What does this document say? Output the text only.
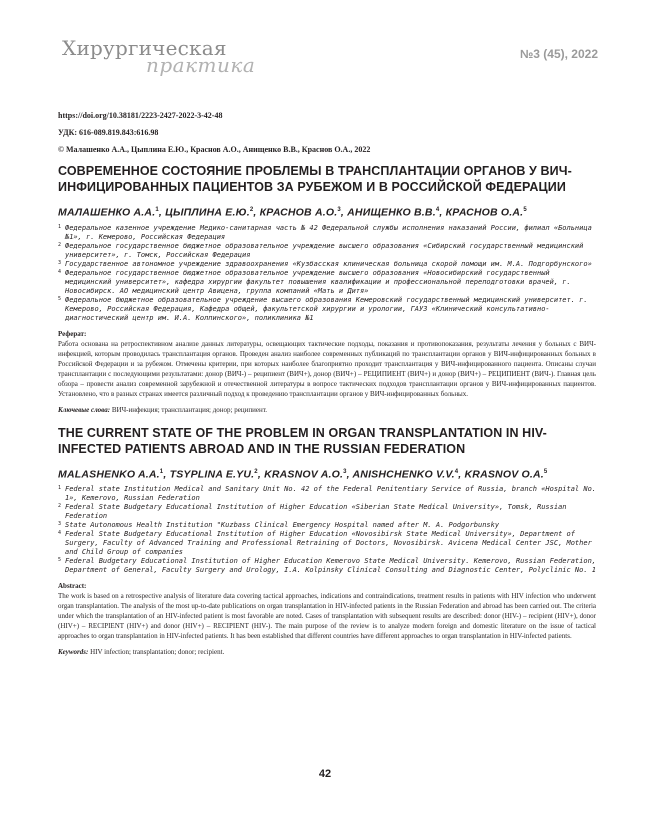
Хирургическая
практика	№3 (45), 2022
https://doi.org/10.38181/2223-2427-2022-3-42-48
УДК: 616-089.819.843:616.98
© Малашенко А.А., Цыплина Е.Ю., Краснов А.О., Анищенко В.В., Краснов О.А., 2022
СОВРЕМЕННОЕ СОСТОЯНИЕ ПРОБЛЕМЫ В ТРАНСПЛАНТАЦИИ ОРГАНОВ У ВИЧ-ИНФИЦИРОВАННЫХ ПАЦИЕНТОВ ЗА РУБЕЖОМ И В РОССИЙСКОЙ ФЕДЕРАЦИИ
МАЛАШЕНКО А.А.$^1$, ЦЫПЛИНА Е.Ю.$^2$, КРАСНОВ А.О.$^3$, АНИЩЕНКО В.В.$^4$, КРАСНОВ О.А.$^5$
1 Федеральное казенное учреждение Медико-санитарная часть № 42 Федеральной службы исполнения наказаний России, филиал «Больница №1», г. Кемерово, Российская Федерация
2 Федеральное государственное бюджетное образовательное учреждение высшего образования «Сибирский государственный медицинский университет», г. Томск, Российская Федерация
3 Государственное автономное учреждение здравоохранения «Кузбасская клиническая больница скорой помощи им. М.А. Подгорбунского»
4 Федеральное государственное бюджетное образовательное учреждение высшего образования «Новосибирский государственный медицинский университет», кафедра хирургии факультет повышения квалификации и профессиональной переподготовки врачей, г. Новосибирск. АО медицинский центр Авицена, группа компаний «Мать и Дитя»
5 Федеральное бюджетное образовательное учреждение высшего образования Кемеровский государственный медицинский университет. г. Кемерово, Российская Федерация, Кафедра общей, факультетской хирургии и урологии, ГАУЗ «Клинический консультативно-диагностический центр им. И.А. Колпинского», поликлиника №1
Реферат:

Работа основана на ретроспективном анализе данных литературы, освещающих тактические подходы, показания и противопоказания, результаты лечения у больных с ВИЧ-инфекцией, которым проводилась трансплантация органов. Проведен анализ наиболее современных публикаций по трансплантации органов у ВИЧ-инфицированных больных в Российской Федерации и за рубежом. Отмечены критерии, при которых наиболее благоприятно проходит трансплантация у ВИЧ-инфицированного пациента. Описаны случаи трансплантации с последующими результатами: донор (ВИЧ-) – реципиент (ВИЧ+), донор (ВИЧ+) – РЕЦИПИЕНТ (ВИЧ+) и донор (ВИЧ+) – РЕЦИПИЕНТ (ВИЧ-). Главная цель обзора – провести анализ современной зарубежной и отечественной литературы в вопросе тактических подходов трансплантации органов у ВИЧ-инфицированных пациентов. Установлено, что в разных странах имеется различный подход к проведению трансплантации органов у ВИЧ-инфицированных больных.

Ключевые слова: ВИЧ-инфекция; трансплантация; донор; реципиент.
THE CURRENT STATE OF THE PROBLEM IN ORGAN TRANSPLANTATION IN HIV-INFECTED PATIENTS ABROAD AND IN THE RUSSIAN FEDERATION
MALASHENKO A.A.$^1$, TSYPLINA E.YU.$^2$, KRASNOV A.O.$^3$, ANISHCHENKO V.V.$^4$, KRASNOV O.A.$^5$
1 Federal state Institution Medical and Sanitary Unit No. 42 of the Federal Penitentiary Service of Russia, branch «Hospital No. 1», Kemerovo, Russian Federation
2 Federal State Budgetary Educational Institution of Higher Education «Siberian State Medical University», Tomsk, Russian Federation
3 State Autonomous Health Institution "Kuzbass Clinical Emergency Hospital named after M. A. Podgorbunsky
4 Federal State Budgetary Educational Institution of Higher Education «Novosibirsk State Medical University», Department of Surgery, Faculty of Advanced Training and Professional Retraining of Doctors, Novosibirsk. Avicena Medical Center JSC, Mother and Child Group of companies
5 Federal Budgetary Educational Institution of Higher Education Kemerovo State Medical University. Kemerovo, Russian Federation, Department of General, Faculty Surgery and Urology, I.A. Kolpinsky Clinical Consulting and Diagnostic Center, Polyclinic No. 1
Abstract:

The work is based on a retrospective analysis of literature data covering tactical approaches, indications and contraindications, treatment results in patients with HIV infection who underwent organ transplantation. The analysis of the most up-to-date publications on organ transplantation in HIV-infected patients in the Russian Federation and abroad has been carried out. The criteria under which the transplantation of an HIV-infected patient is most favorable are noted. Cases of transplantation with subsequent results are described: donor (HIV-) – recipient (HIV+), donor (HIV+) – RECIPIENT (HIV+) and donor (HIV+) – RECIPIENT (HIV-). The main purpose of the review is to analyze modern foreign and domestic literature on the issue of tactical approaches to organ transplantation in HIV-infected patients. It has been established that different countries have different approaches to organ transplantation in HIV-infected patients.

Keywords: HIV infection; transplantation; donor; recipient.
42
